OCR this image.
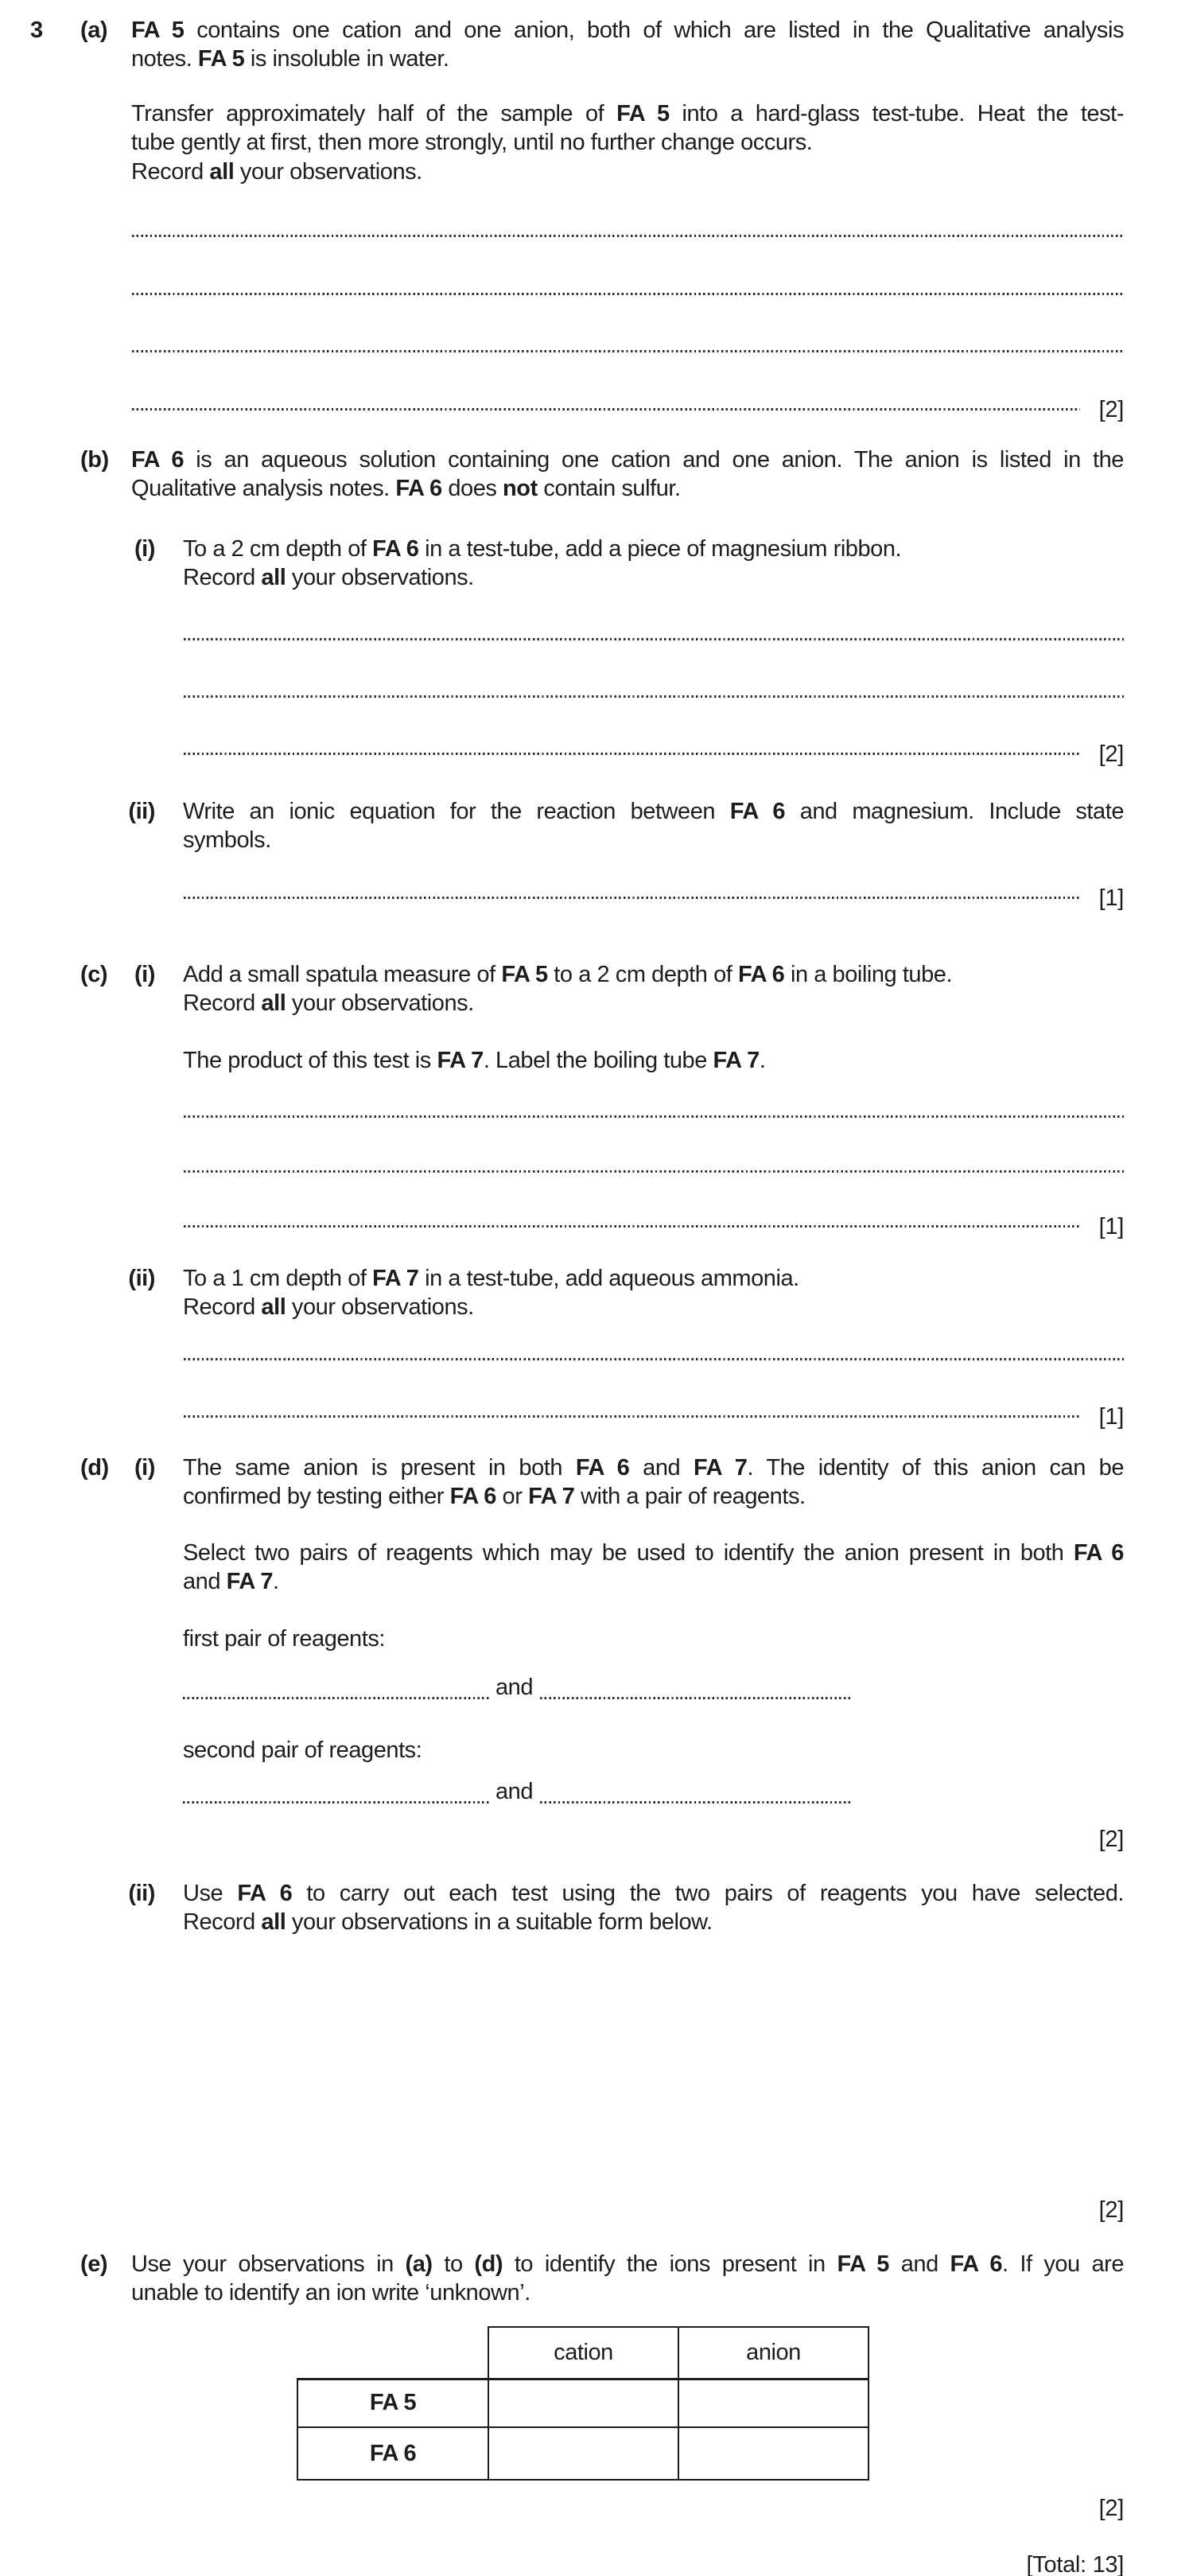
3 (a) FA 5 contains one cation and one anion, both of which are listed in the Qualitative analysis
notes. FA 5 is insoluble in water.
Transfer approximately half of the sample of FA 5 into a hard-glass test-tube. Heat the test-
tube gently at first, then more strongly, until no further change occurs.
Record all your observations.
[2]
(b) FA 6 is an aqueous solution containing one cation and one anion. The anion is listed in the
Qualitative analysis notes. FA 6 does not contain sulfur.
(i) To a 2 cm depth of FA 6 in a test-tube, add a piece of magnesium ribbon.
Record all your observations.
[2]
(ii) Write an ionic equation for the reaction between FA 6 and magnesium. Include state
symbols.
[1]
(c)	(i) Add a small spatula measure of FA 5 to a 2 cm depth of FA 6 in a boiling tube.
Record all your observations.
The product of this test is FA 7. Label the boiling tube FA 7.
[1]
(ii) To a 1 cm depth of FA 7 in a test-tube, add aqueous ammonia.
Record all your observations.
[1]
(d)	(i) The same anion is present in both FA 6 and FA 7. The identity of this anion can be
confirmed by testing either FA 6 or FA 7 with a pair of reagents.
Select two pairs of reagents which may be used to identify the anion present in both FA 6
and FA 7.
first pair of reagents:
and
second pair of reagents:
and
[2]
(ii) Use FA 6 to carry out each test using the two pairs of reagents you have selected.
Record all your observations in a suitable form below.
[2]
(e) Use your observations in (a) to (d) to identify the ions present in FA 5 and FA 6. If you are
unable to identify an ion write ‘unknown’.
	cation	anion
FA 5		
FA 6		
[2]
[Total: 13]
